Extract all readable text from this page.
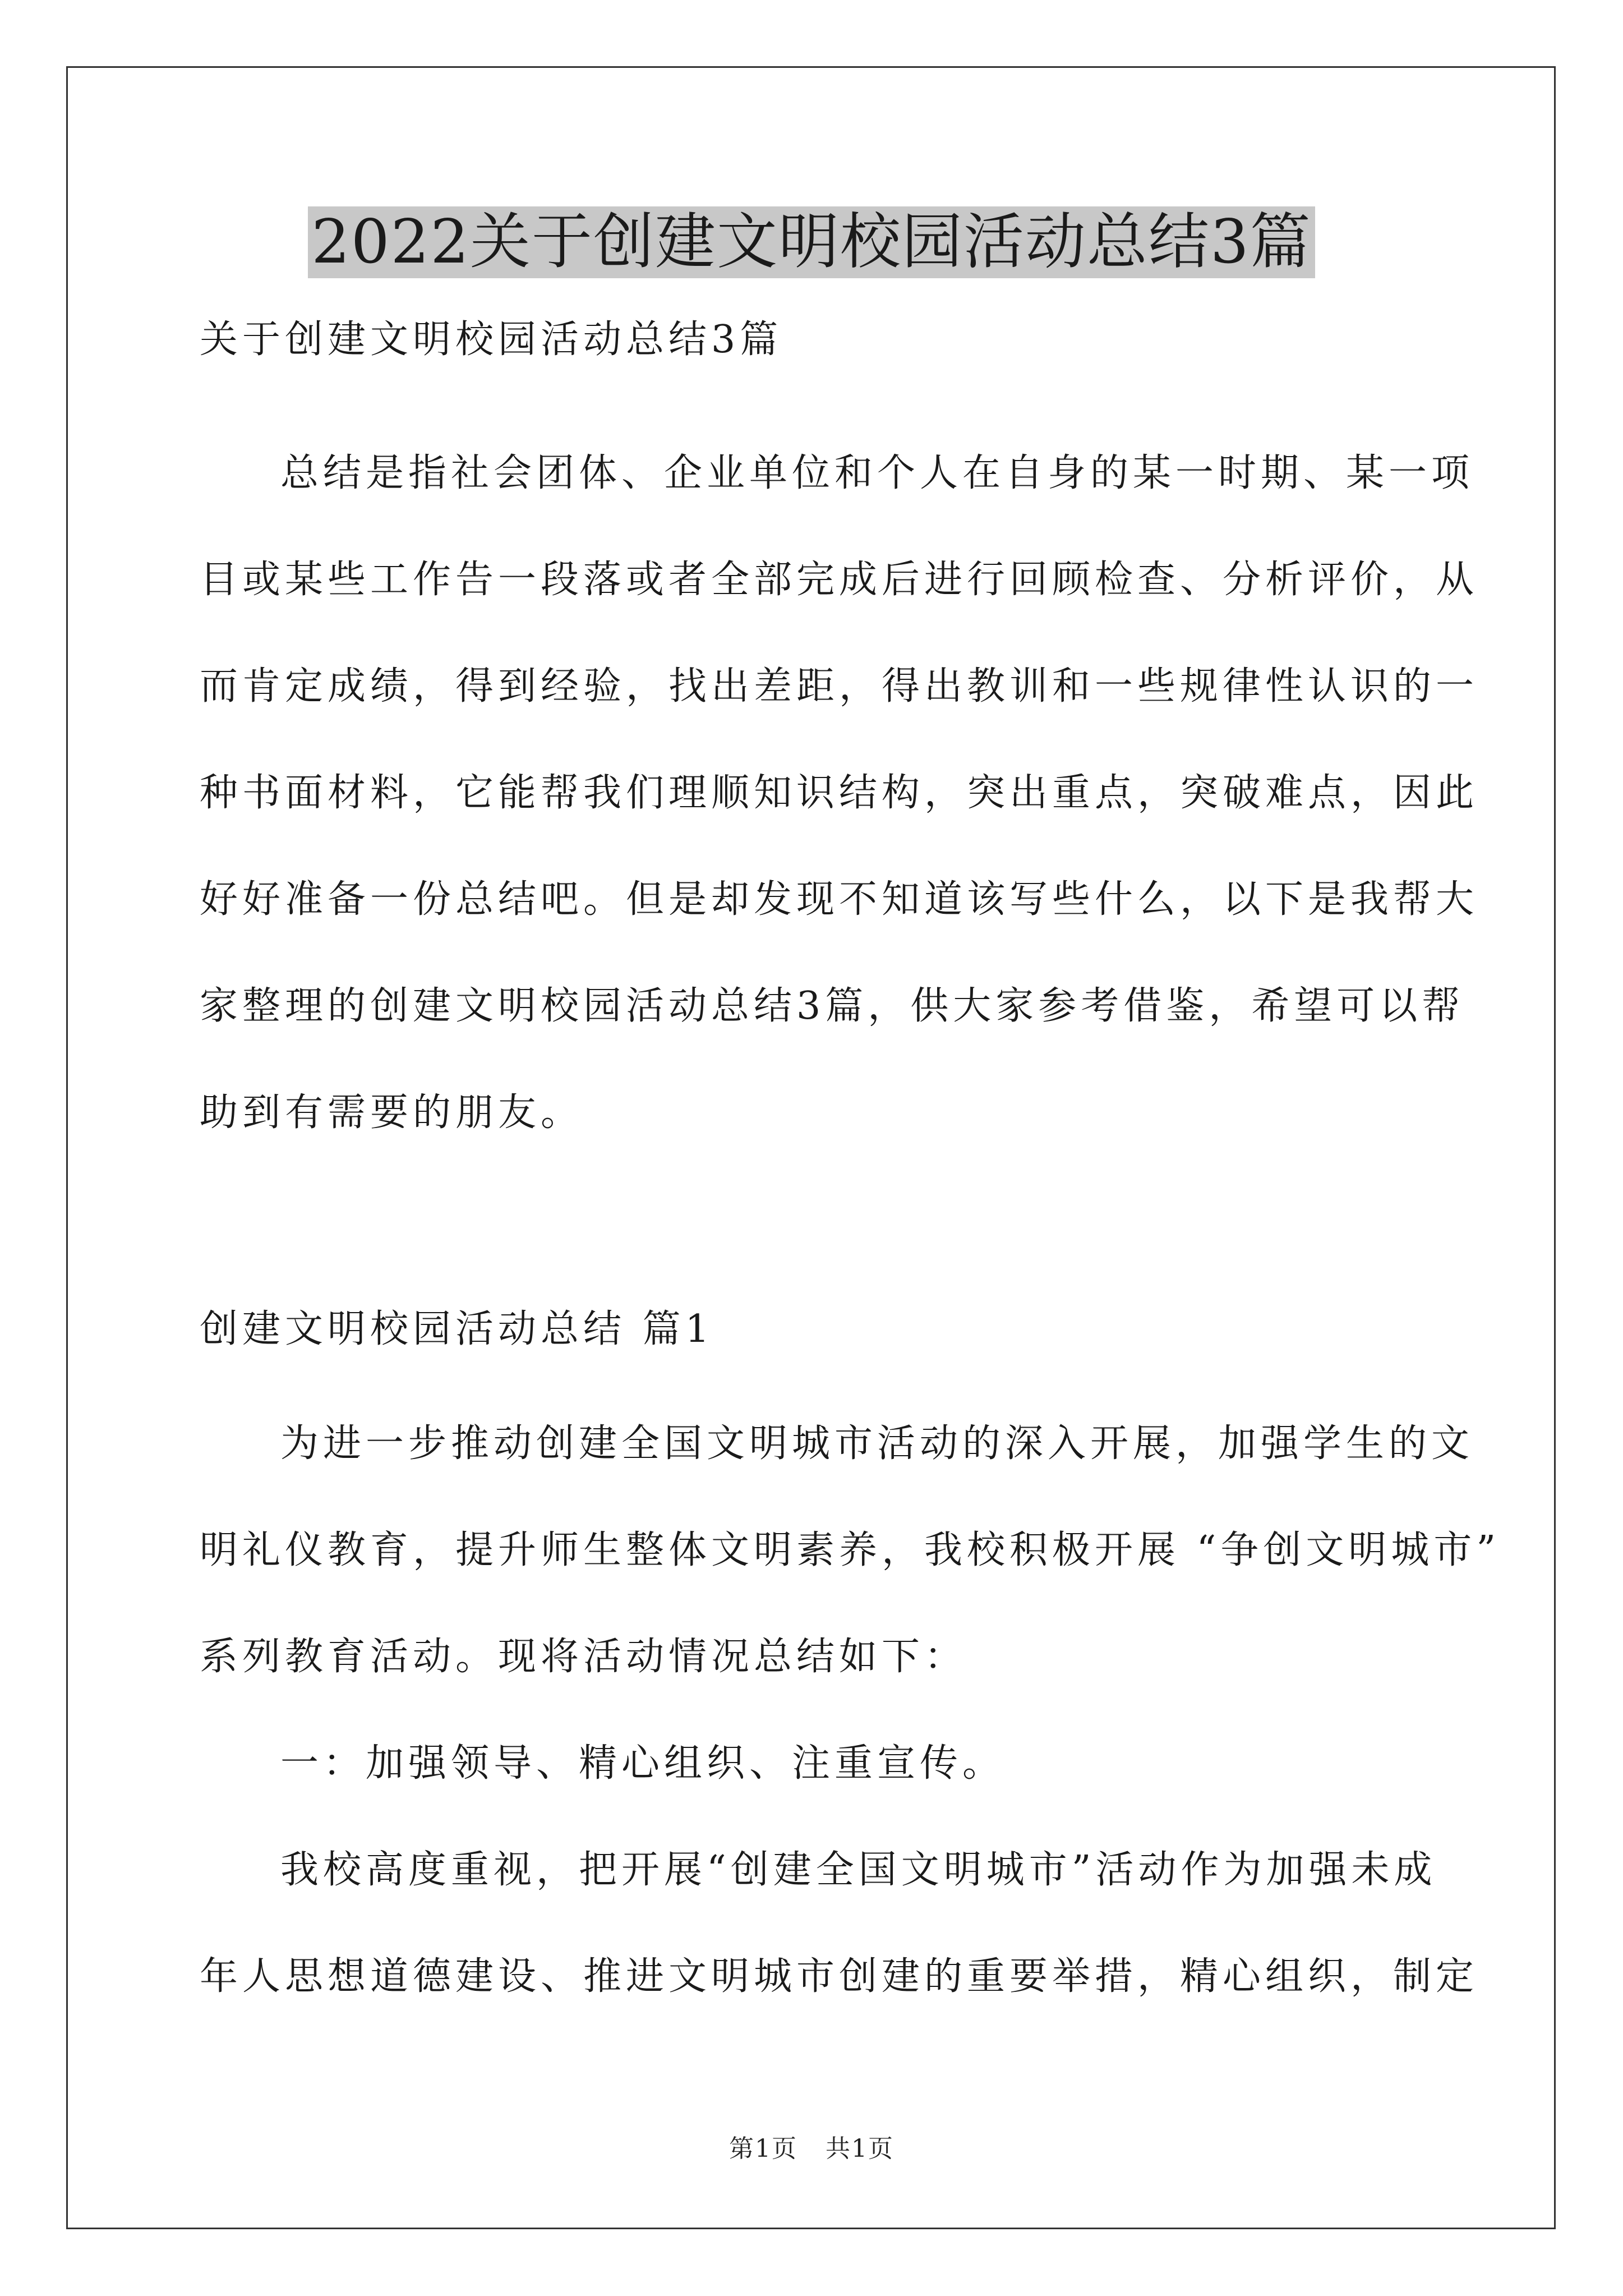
2022关于创建文明校园活动总结3篇
关于创建文明校园活动总结3篇
总结是指社会团体、企业单位和个人在自身的某一时期、某一项
目或某些工作告一段落或者全部完成后进行回顾检查、分析评价，从
而肯定成绩，得到经验，找出差距，得出教训和一些规律性认识的一
种书面材料，它能帮我们理顺知识结构，突出重点，突破难点，因此
好好准备一份总结吧。但是却发现不知道该写些什么，以下是我帮大
家整理的创建文明校园活动总结3篇，供大家参考借鉴，希望可以帮
助到有需要的朋友。
创建文明校园活动总结 篇1
为进一步推动创建全国文明城市活动的深入开展，加强学生的文
明礼仪教育，提升师生整体文明素养，我校积极开展 “争创文明城市”
系列教育活动。现将活动情况总结如下：
一：加强领导、精心组织、注重宣传。
我校高度重视，把开展“创建全国文明城市”活动作为加强未成
年人思想道德建设、推进文明城市创建的重要举措，精心组织，制定
第1页 共1页
